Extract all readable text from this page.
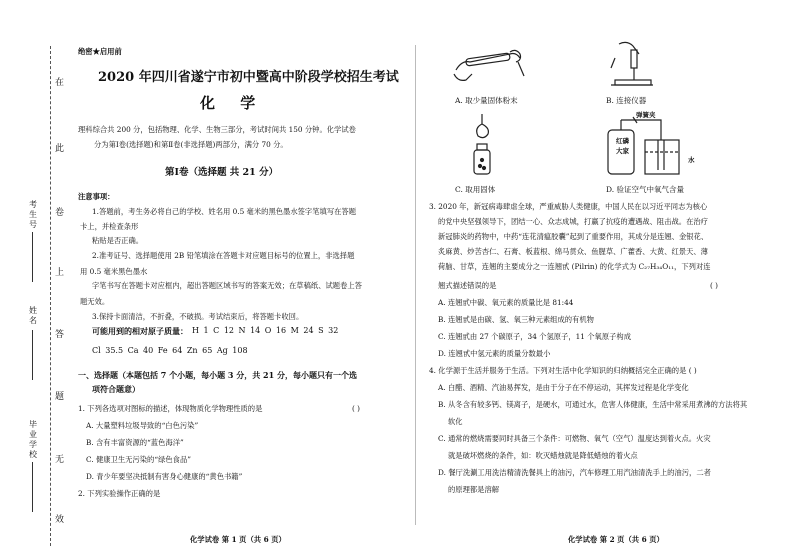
在
此
卷
上
答
题
无
效
考生号
姓名
毕业学校
绝密★启用前
2020 年四川省遂宁市初中暨高中阶段学校招生考试
化 学
理科综合共 200 分，包括物理、化学、生物三部分，考试时间共 150 分钟。化学试卷
分为第Ⅰ卷(选择题)和第Ⅱ卷(非选择题)两部分，满分 70 分。
第Ⅰ卷（选择题 共 21 分）
注意事项：
1.答题前，考生务必将自己的学校、姓名用 0.5 毫米的黑色墨水签字笔填写在答题
卡上，并检查条形
粘贴是否正确。
2.准考证号、选择题使用 2B 铅笔填涂在答题卡对应题目标号的位置上，非选择题
用 0.5 毫米黑色墨水
字笔书写在答题卡对应框内，超出答题区域书写的答案无效；在草稿纸、试题卷上答
题无效。
3.保持卡面清洁，不折叠，不破损。考试结束后，将答题卡收回。
可能用到的相对原子质量： H 1 C 12 N 14 O 16 M 24 S 32
Cl 35.5 Ca 40 Fe 64 Zn 65 Ag 108
一、选择题（本题包括 7 个小题，每小题 3 分，共 21 分，每小题只有一个选
项符合题意）
1. 下列各选项对图标的描述，体现物质化学物理性质的是	( )
A. 大量塑料垃圾导致的“白色污染”
B. 含有丰富资源的“蓝色海洋”
C. 健康卫生无污染的“绿色食品”
D. 青少年要坚决抵制有害身心健康的“黄色书籍”
2. 下列实验操作正确的是
化学试卷 第 1 页（共 6 页）
A. 取少量固体粉末	B. 连接仪器
C. 取用固体
弹簧夹
红磷
大家
水
D. 验证空气中氧气含量
3. 2020 年，新冠病毒肆虐全球，严重威胁人类健康，中国人民在以习近平同志为核心
的党中央坚强领导下，团结一心、众志成城，打赢了抗疫的遭遇战、阻击战。在治疗
新冠肺炎的药物中，中药“连花清瘟胶囊”起到了重要作用，其成分是连翘、金银花、
炙麻黄、炒苦杏仁、石膏、板蓝根、绵马贯众、鱼腥草、广藿香、大黄、红景天、薄
荷脑、甘草，连翘的主要成分之一连翘甙 (Pilrin) 的化学式为 C₂₇H₃₄O₁₁，下列对连
翘式描述错误的是	( )
A. 连翘甙中碳、氧元素的质量比是 81:44
B. 连翘甙是由碳、氢、氧三种元素组成的有机物
C. 连翘甙由 27 个碳原子，34 个氢原子，11 个氧原子构成
D. 连翘甙中氢元素的质量分数最小
4. 化学源于生活并服务于生活。下列对生活中化学知识的归纳概括完全正确的是 ( )
A. 白醋、酒精、汽油易挥发，是由于分子在不停运动，其挥发过程是化学变化
B. 从冬含有较多钙、镁离子，是硬水，可通过水，危害人体健康，生活中常采用煮沸的方法将其
软化
C. 通常的燃烧需要同时具备三个条件：可燃物、氧气（空气）温度达到着火点。火灾
就是破坏燃烧的条件，如：吹灭蜡烛就是降低蜡烛的着火点
D. 餐厅洗涮工用洗洁精清洗餐具上的油污，汽车修理工用汽油清洗手上的油污，二者
的原理都是溶解
化学试卷 第 2 页（共 6 页）
